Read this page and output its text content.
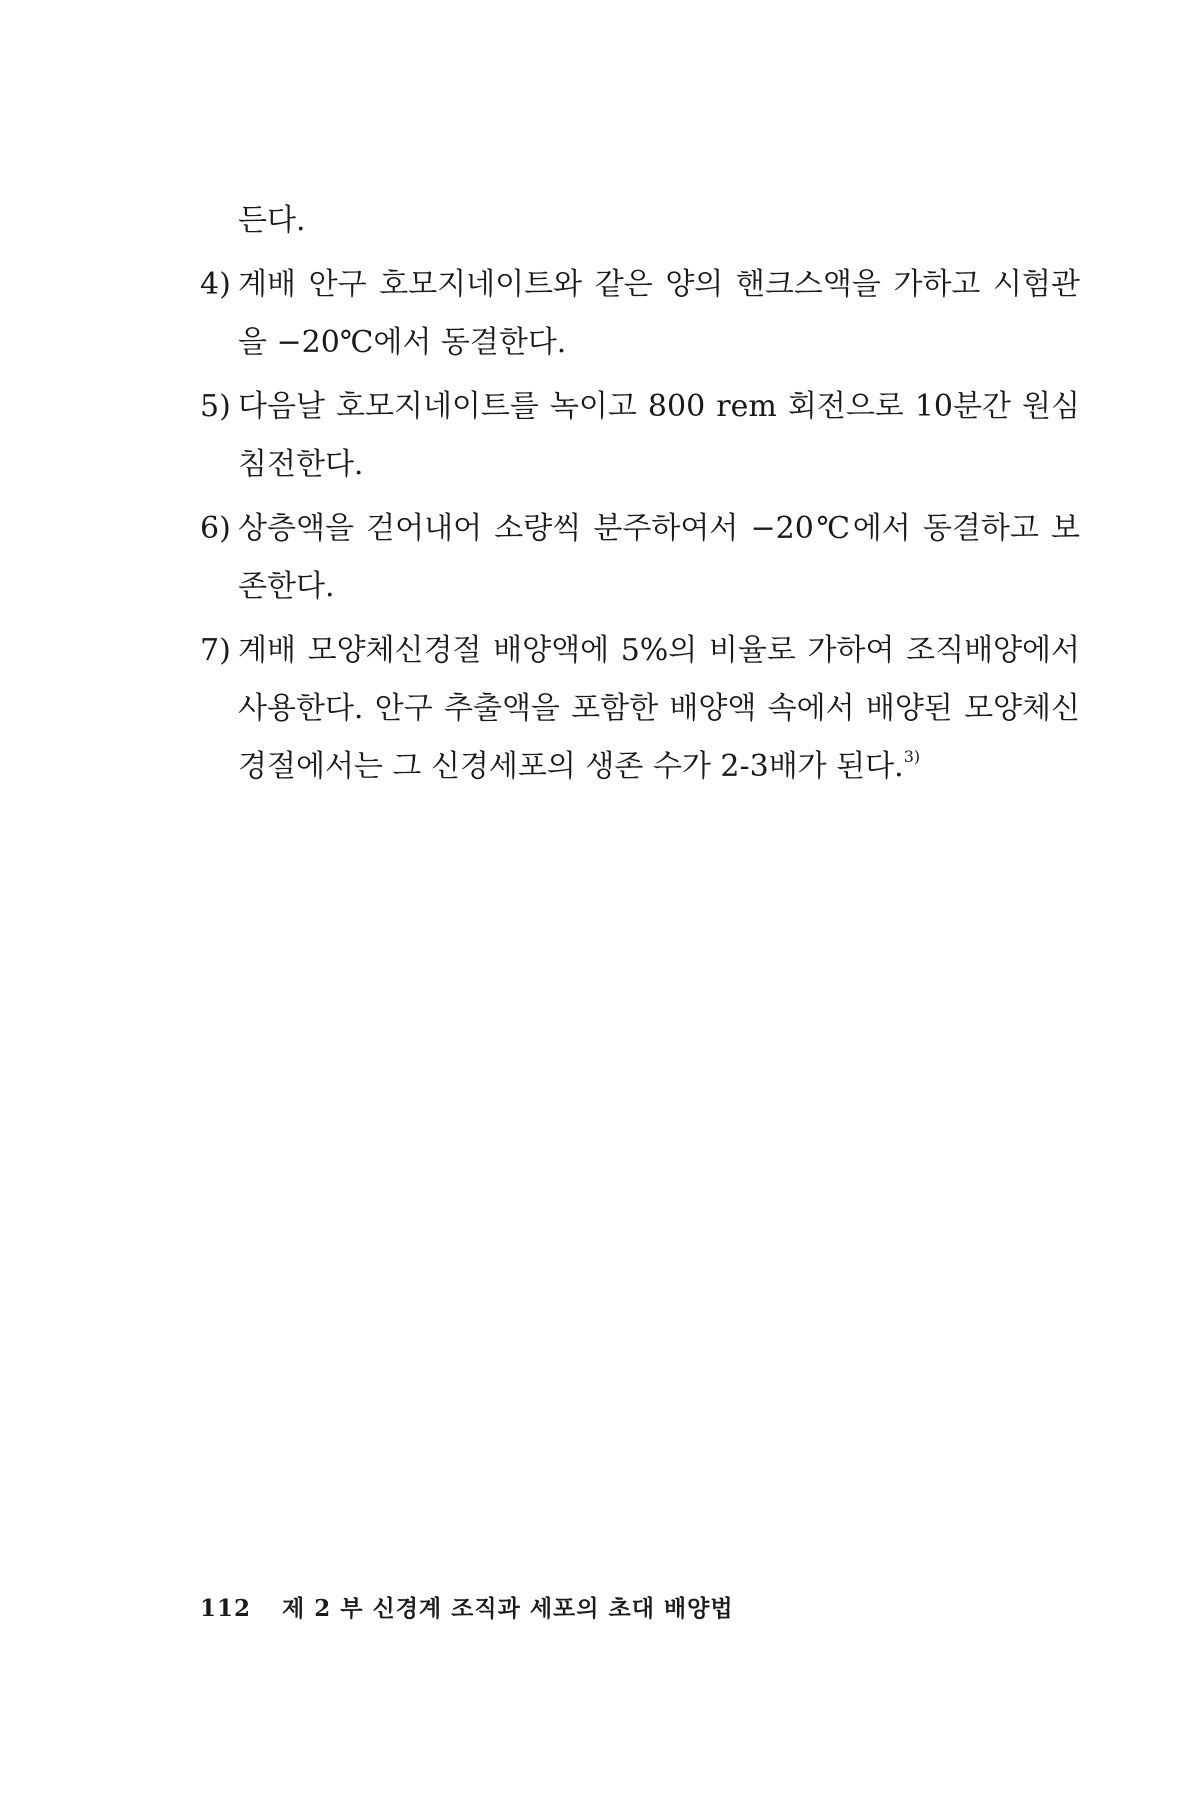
든다.

4) 계배 안구 호모지네이트와 같은 양의 핸크스액을 가하고 시험관을 −20℃에서 동결한다.
5) 다음날 호모지네이트를 녹이고 800 rem 회전으로 10분간 원심 침전한다.
6) 상층액을 걷어내어 소량씩 분주하여서 −20℃에서 동결하고 보존한다.
7) 계배 모양체신경절 배양액에 5%의 비율로 가하여 조직배양에서 사용한다. 안구 추출액을 포함한 배양액 속에서 배양된 모양체신경절에서는 그 신경세포의 생존 수가 2-3배가 된다.$^{3)}$
112 제 2 부 신경계 조직과 세포의 초대 배양법
